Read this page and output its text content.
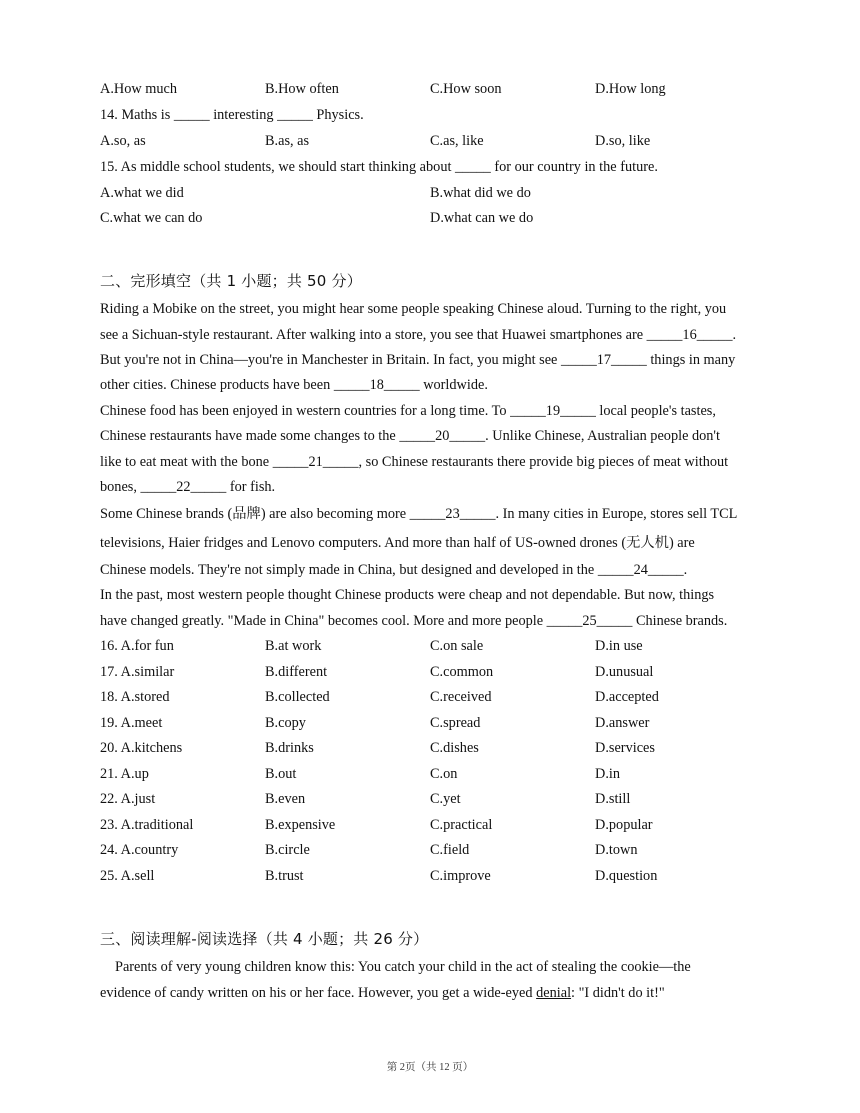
A.How much	B.How often	C.How soon	D.How long
14. Maths is _____ interesting _____ Physics.
A.so, as	B.as, as	C.as, like	D.so, like
15. As middle school students, we should start thinking about _____ for our country in the future.
A.what we did	B.what did we do
C.what we can do	D.what can we do
二、完形填空（共 1 小题；共 50 分）
Riding a Mobike on the street, you might hear some people speaking Chinese aloud. Turning to the right, you
see a Sichuan-style restaurant. After walking into a store, you see that Huawei smartphones are _____16_____.
But you're not in China—you're in Manchester in Britain. In fact, you might see _____17_____ things in many
other cities. Chinese products have been _____18_____ worldwide.
Chinese food has been enjoyed in western countries for a long time. To _____19_____ local people's tastes,
Chinese restaurants have made some changes to the _____20_____. Unlike Chinese, Australian people don't
like to eat meat with the bone _____21_____, so Chinese restaurants there provide big pieces of meat without
bones, _____22_____ for fish.
Some Chinese brands (品牌) are also becoming more _____23_____. In many cities in Europe, stores sell TCL
televisions, Haier fridges and Lenovo computers. And more than half of US-owned drones (无人机) are
Chinese models. They're not simply made in China, but designed and developed in the _____24_____.
In the past, most western people thought Chinese products were cheap and not dependable. But now, things
have changed greatly. "Made in China" becomes cool. More and more people _____25_____ Chinese brands.
16. A.for fun	B.at work	C.on sale	D.in use
17. A.similar	B.different	C.common	D.unusual
18. A.stored	B.collected	C.received	D.accepted
19. A.meet	B.copy	C.spread	D.answer
20. A.kitchens	B.drinks	C.dishes	D.services
21. A.up	B.out	C.on	D.in
22. A.just	B.even	C.yet	D.still
23. A.traditional	B.expensive	C.practical	D.popular
24. A.country	B.circle	C.field	D.town
25. A.sell	B.trust	C.improve	D.question
三、阅读理解-阅读选择（共 4 小题；共 26 分）
Parents of very young children know this: You catch your child in the act of stealing the cookie—the
evidence of candy written on his or her face. However, you get a wide-eyed denial: "I didn't do it!"
第 2页（共 12 页）
